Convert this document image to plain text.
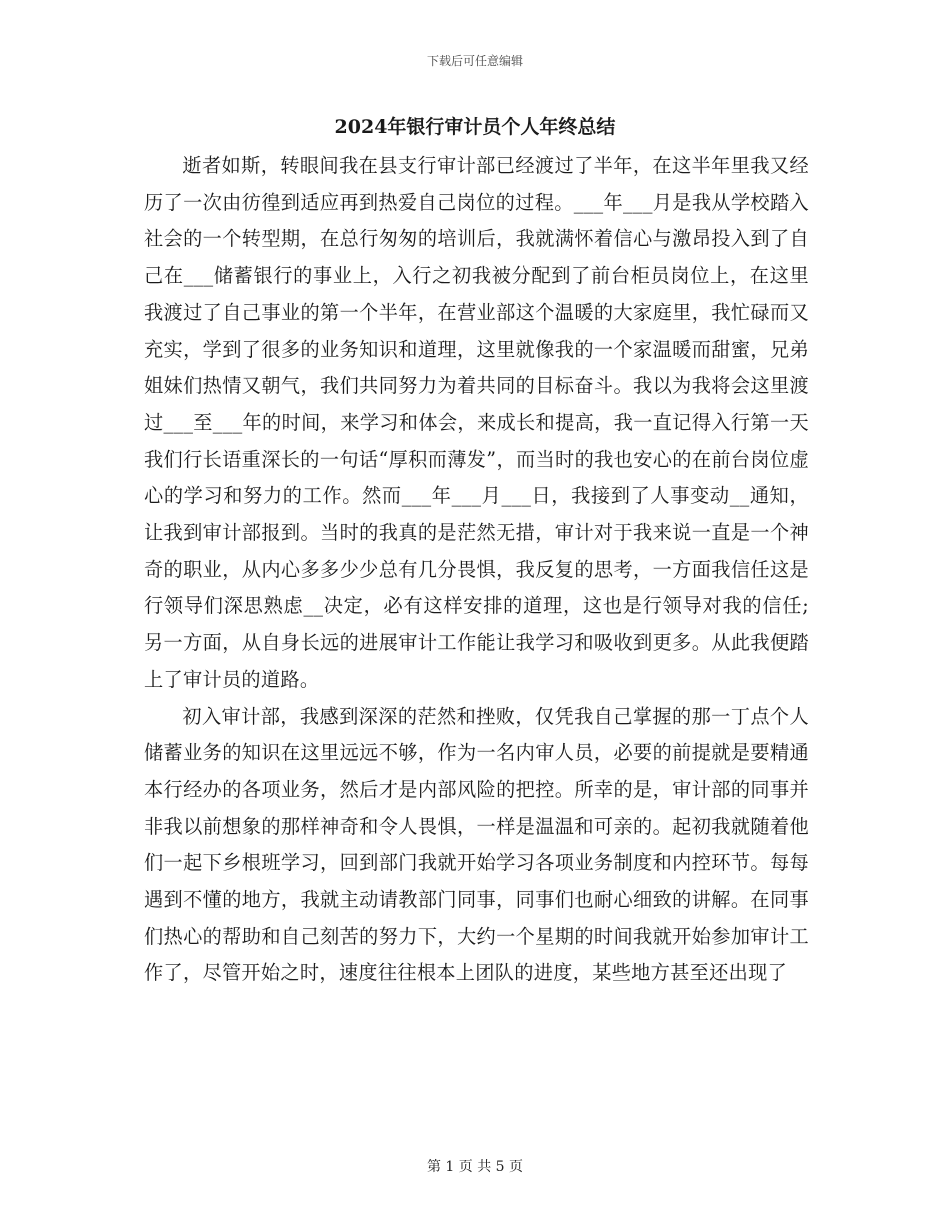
下载后可任意编辑
2024年银行审计员个人年终总结

逝者如斯，转眼间我在县支行审计部已经渡过了半年，在这半年里我又经历了一次由彷徨到适应再到热爱自己岗位的过程。___年___月是我从学校踏入社会的一个转型期，在总行匆匆的培训后，我就满怀着信心与激昂投入到了自己在___储蓄银行的事业上，入行之初我被分配到了前台柜员岗位上，在这里我渡过了自己事业的第一个半年，在营业部这个温暖的大家庭里，我忙碌而又充实，学到了很多的业务知识和道理，这里就像我的一个家温暖而甜蜜，兄弟姐妹们热情又朝气，我们共同努力为着共同的目标奋斗。我以为我将会这里渡过___至___年的时间，来学习和体会，来成长和提高，我一直记得入行第一天我们行长语重深长的一句话“厚积而薄发”，而当时的我也安心的在前台岗位虚心的学习和努力的工作。然而___年___月___日，我接到了人事变动__通知，让我到审计部报到。当时的我真的是茫然无措，审计对于我来说一直是一个神奇的职业，从内心多多少少总有几分畏惧，我反复的思考，一方面我信任这是行领导们深思熟虑__决定，必有这样安排的道理，这也是行领导对我的信任;另一方面，从自身长远的进展审计工作能让我学习和吸收到更多。从此我便踏上了审计员的道路。

初入审计部，我感到深深的茫然和挫败，仅凭我自己掌握的那一丁点个人储蓄业务的知识在这里远远不够，作为一名内审人员，必要的前提就是要精通本行经办的各项业务，然后才是内部风险的把控。所幸的是，审计部的同事并非我以前想象的那样神奇和令人畏惧，一样是温温和可亲的。起初我就随着他们一起下乡根班学习，回到部门我就开始学习各项业务制度和内控环节。每每遇到不懂的地方，我就主动请教部门同事，同事们也耐心细致的讲解。在同事们热心的帮助和自己刻苦的努力下，大约一个星期的时间我就开始参加审计工作了，尽管开始之时，速度往往根本上团队的进度，某些地方甚至还出现了

第 1 页 共 5 页
